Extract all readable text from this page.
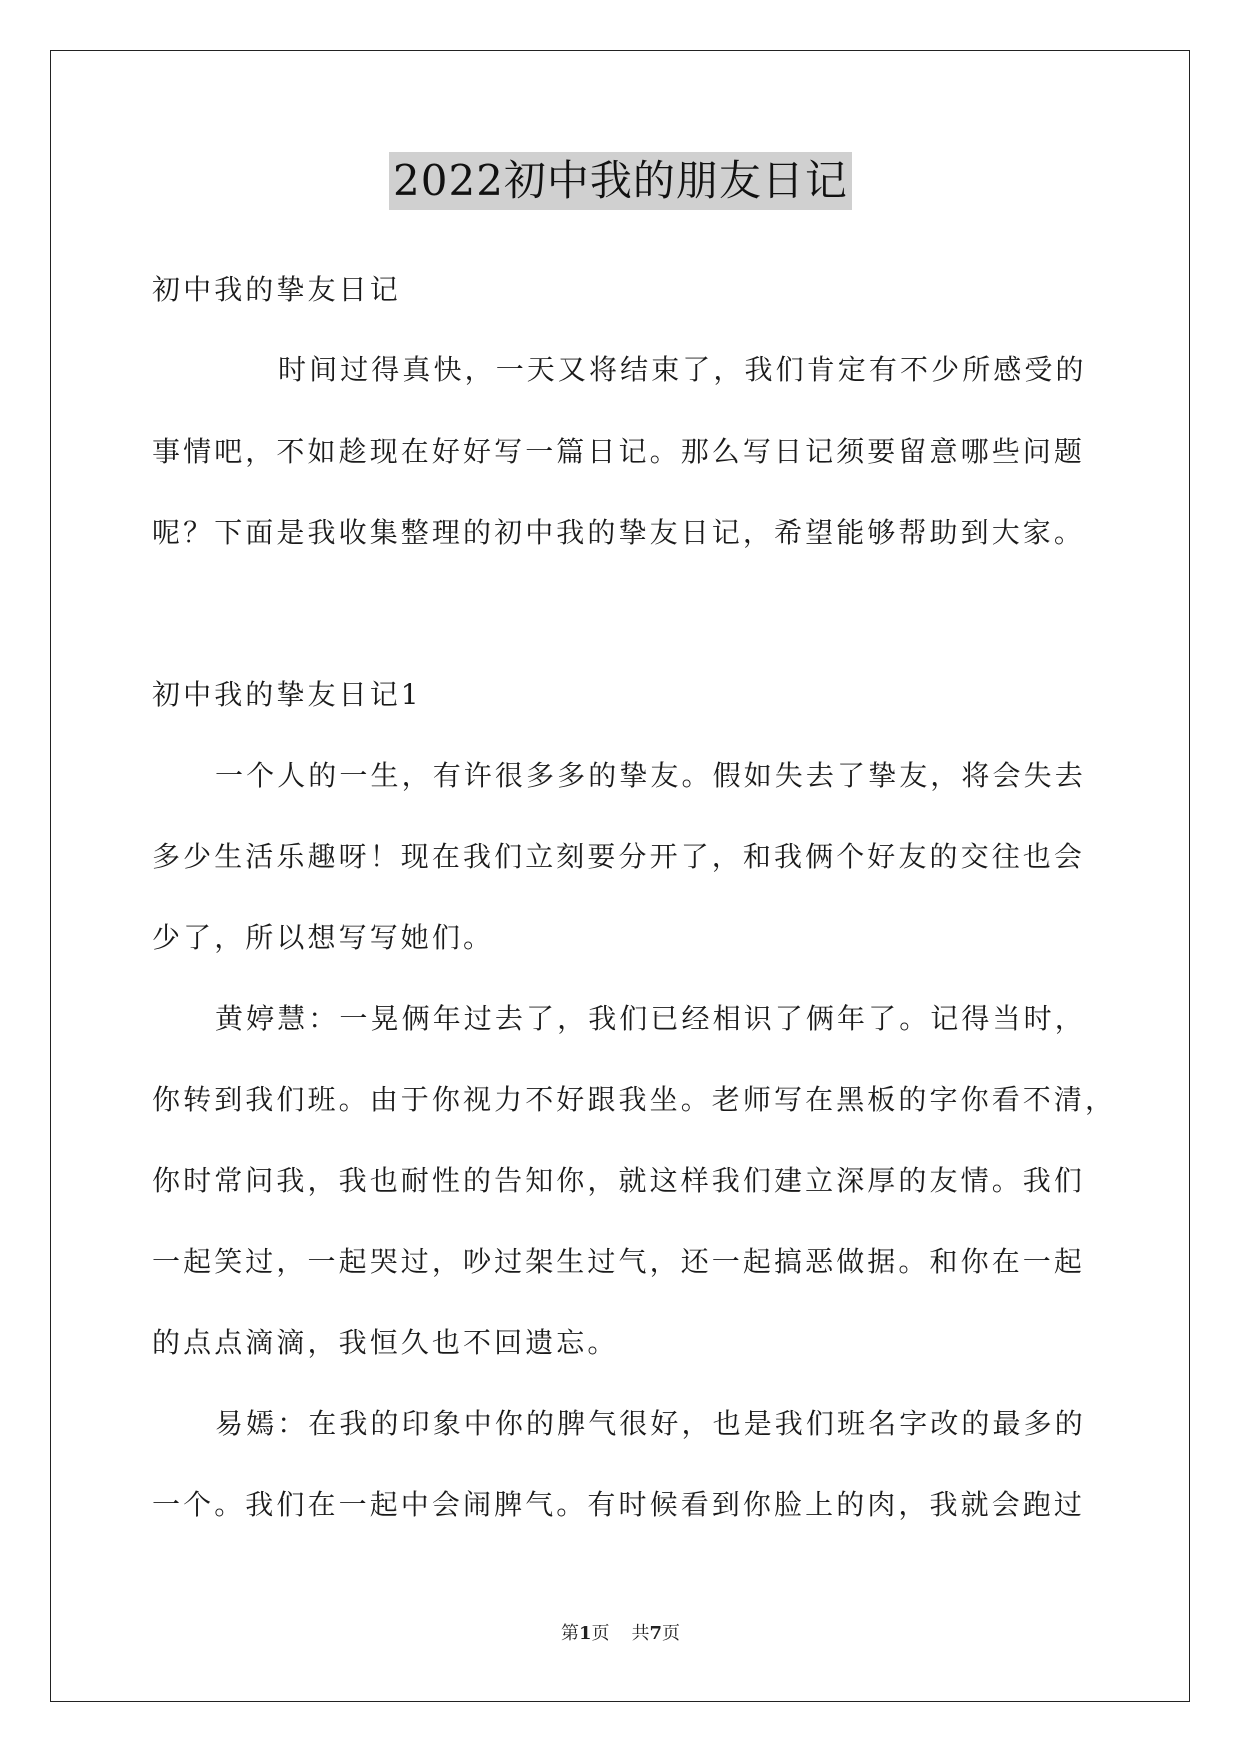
2022初中我的朋友日记
初中我的挚友日记
时间过得真快，一天又将结束了，我们肯定有不少所感受的
事情吧，不如趁现在好好写一篇日记。那么写日记须要留意哪些问题
呢？下面是我收集整理的初中我的挚友日记，希望能够帮助到大家。
初中我的挚友日记1
一个人的一生，有许很多多的挚友。假如失去了挚友，将会失去
多少生活乐趣呀！现在我们立刻要分开了，和我俩个好友的交往也会
少了，所以想写写她们。
黄婷慧：一晃俩年过去了，我们已经相识了俩年了。记得当时，
你转到我们班。由于你视力不好跟我坐。老师写在黑板的字你看不清，
你时常问我，我也耐性的告知你，就这样我们建立深厚的友情。我们
一起笑过，一起哭过，吵过架生过气，还一起搞恶做据。和你在一起
的点点滴滴，我恒久也不回遗忘。
易嫣：在我的印象中你的脾气很好，也是我们班名字改的最多的
一个。我们在一起中会闹脾气。有时候看到你脸上的肉，我就会跑过
第1页 共7页
